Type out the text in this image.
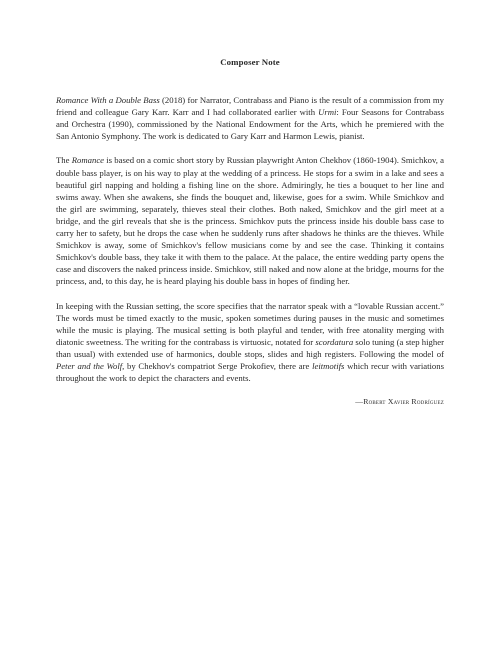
Composer Note

Romance With a Double Bass (2018) for Narrator, Contrabass and Piano is the result of a commission from my friend and colleague Gary Karr. Karr and I had collaborated earlier with Urmi: Four Seasons for Contrabass and Orchestra (1990), commissioned by the National Endowment for the Arts, which he premiered with the San Antonio Symphony. The work is dedicated to Gary Karr and Harmon Lewis, pianist.

The Romance is based on a comic short story by Russian playwright Anton Chekhov (1860-1904). Smichkov, a double bass player, is on his way to play at the wedding of a princess. He stops for a swim in a lake and sees a beautiful girl napping and holding a fishing line on the shore. Admiringly, he ties a bouquet to her line and swims away. When she awakens, she finds the bouquet and, likewise, goes for a swim. While Smichkov and the girl are swimming, separately, thieves steal their clothes. Both naked, Smichkov and the girl meet at a bridge, and the girl reveals that she is the princess. Smichkov puts the princess inside his double bass case to carry her to safety, but he drops the case when he suddenly runs after shadows he thinks are the thieves. While Smichkov is away, some of Smichkov's fellow musicians come by and see the case. Thinking it contains Smichkov's double bass, they take it with them to the palace. At the palace, the entire wedding party opens the case and discovers the naked princess inside. Smichkov, still naked and now alone at the bridge, mourns for the princess, and, to this day, he is heard playing his double bass in hopes of finding her.

In keeping with the Russian setting, the score specifies that the narrator speak with a “lovable Russian accent.” The words must be timed exactly to the music, spoken sometimes during pauses in the music and sometimes while the music is playing. The musical setting is both playful and tender, with free atonality merging with diatonic sweetness. The writing for the contrabass is virtuosic, notated for scordatura solo tuning (a step higher than usual) with extended use of harmonics, double stops, slides and high registers. Following the model of Peter and the Wolf, by Chekhov's compatriot Serge Prokofiev, there are leitmotifs which recur with variations throughout the work to depict the characters and events.

—Robert Xavier Rodríguez
